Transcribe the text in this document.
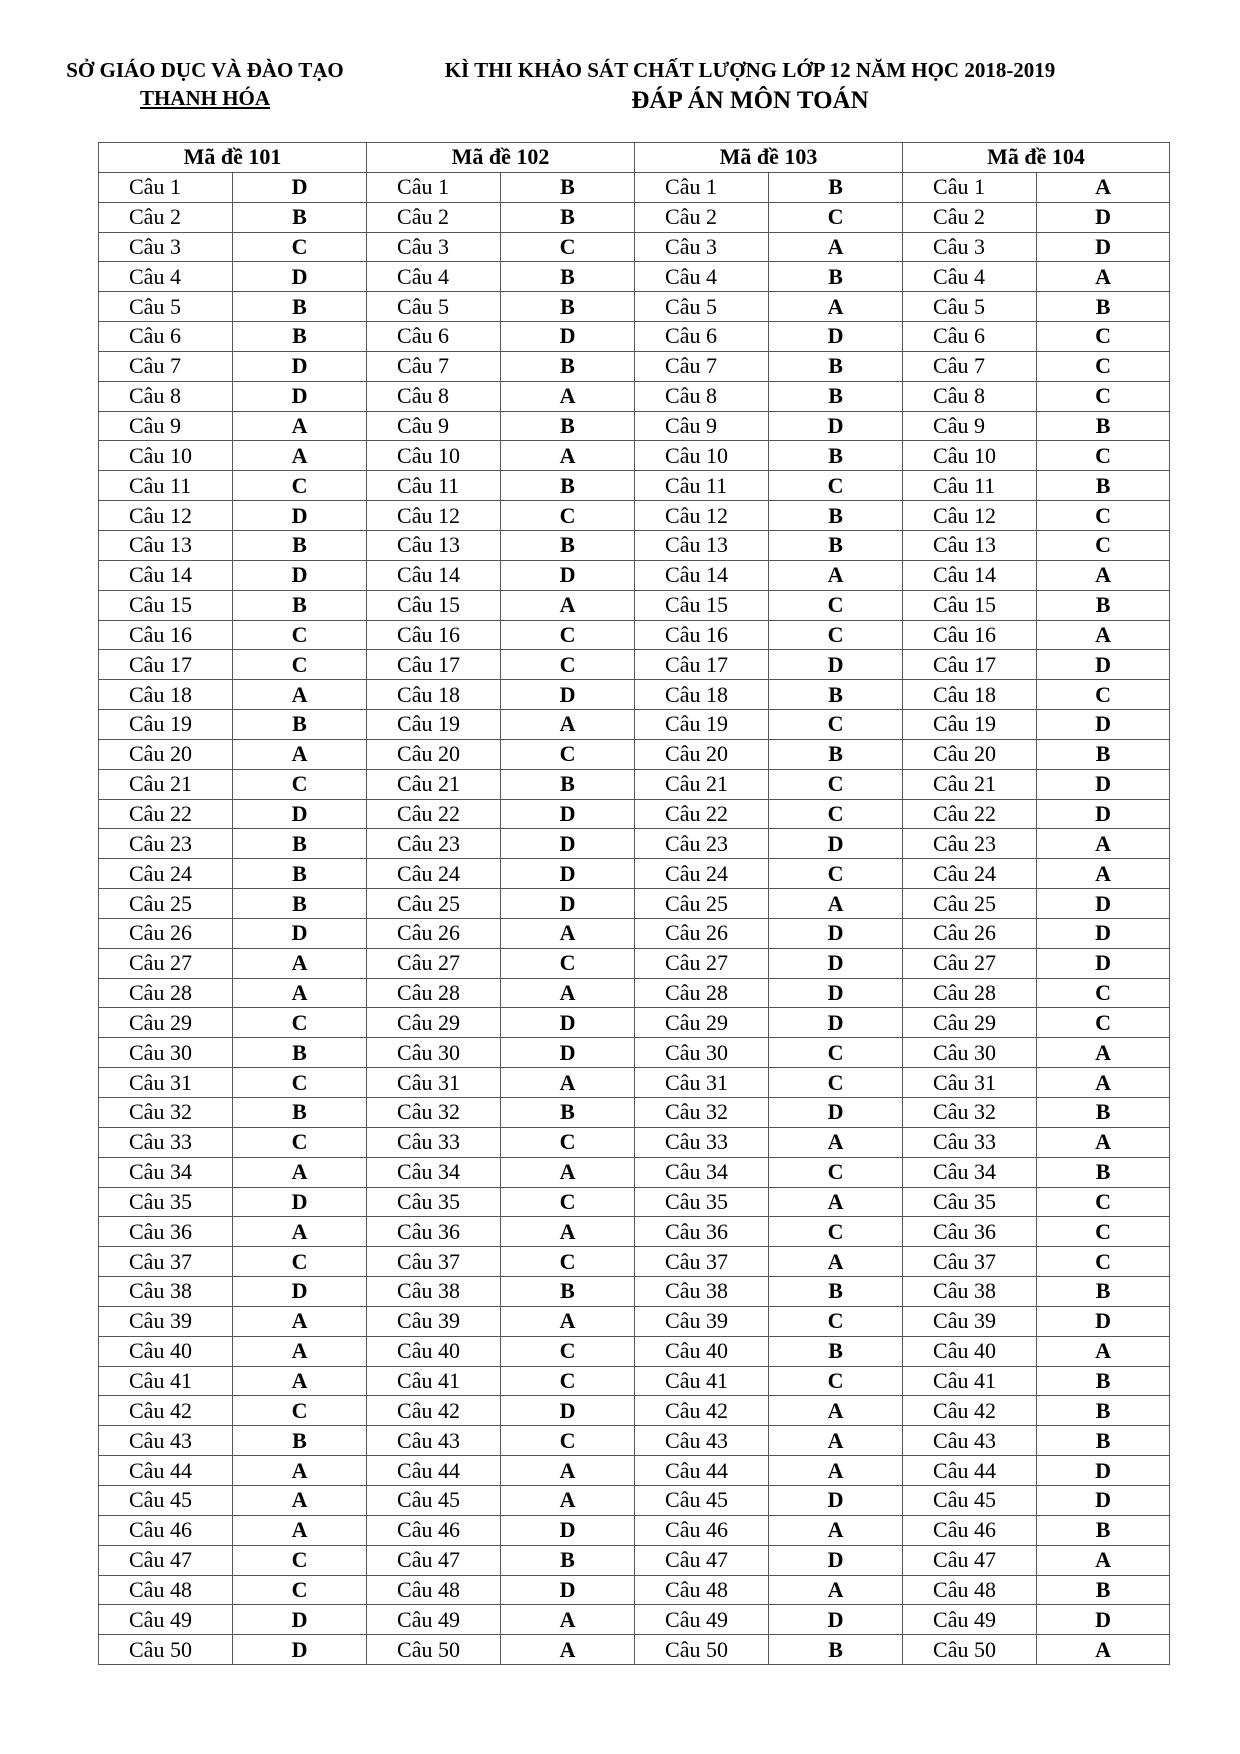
SỞ GIÁO DỤC VÀ ĐÀO TẠO
THANH HÓA
KÌ THI KHẢO SÁT CHẤT LƯỢNG LỚP 12 NĂM HỌC 2018-2019
ĐÁP ÁN MÔN TOÁN
Mã đề 101		Mã đề 102		Mã đề 103		Mã đề 104	
Câu 1	D	Câu 1	B	Câu 1	B	Câu 1	A
Câu 2	B	Câu 2	B	Câu 2	C	Câu 2	D
Câu 3	C	Câu 3	C	Câu 3	A	Câu 3	D
Câu 4	D	Câu 4	B	Câu 4	B	Câu 4	A
Câu 5	B	Câu 5	B	Câu 5	A	Câu 5	B
Câu 6	B	Câu 6	D	Câu 6	D	Câu 6	C
Câu 7	D	Câu 7	B	Câu 7	B	Câu 7	C
Câu 8	D	Câu 8	A	Câu 8	B	Câu 8	C
Câu 9	A	Câu 9	B	Câu 9	D	Câu 9	B
Câu 10	A	Câu 10	A	Câu 10	B	Câu 10	C
Câu 11	C	Câu 11	B	Câu 11	C	Câu 11	B
Câu 12	D	Câu 12	C	Câu 12	B	Câu 12	C
Câu 13	B	Câu 13	B	Câu 13	B	Câu 13	C
Câu 14	D	Câu 14	D	Câu 14	A	Câu 14	A
Câu 15	B	Câu 15	A	Câu 15	C	Câu 15	B
Câu 16	C	Câu 16	C	Câu 16	C	Câu 16	A
Câu 17	C	Câu 17	C	Câu 17	D	Câu 17	D
Câu 18	A	Câu 18	D	Câu 18	B	Câu 18	C
Câu 19	B	Câu 19	A	Câu 19	C	Câu 19	D
Câu 20	A	Câu 20	C	Câu 20	B	Câu 20	B
Câu 21	C	Câu 21	B	Câu 21	C	Câu 21	D
Câu 22	D	Câu 22	D	Câu 22	C	Câu 22	D
Câu 23	B	Câu 23	D	Câu 23	D	Câu 23	A
Câu 24	B	Câu 24	D	Câu 24	C	Câu 24	A
Câu 25	B	Câu 25	D	Câu 25	A	Câu 25	D
Câu 26	D	Câu 26	A	Câu 26	D	Câu 26	D
Câu 27	A	Câu 27	C	Câu 27	D	Câu 27	D
Câu 28	A	Câu 28	A	Câu 28	D	Câu 28	C
Câu 29	C	Câu 29	D	Câu 29	D	Câu 29	C
Câu 30	B	Câu 30	D	Câu 30	C	Câu 30	A
Câu 31	C	Câu 31	A	Câu 31	C	Câu 31	A
Câu 32	B	Câu 32	B	Câu 32	D	Câu 32	B
Câu 33	C	Câu 33	C	Câu 33	A	Câu 33	A
Câu 34	A	Câu 34	A	Câu 34	C	Câu 34	B
Câu 35	D	Câu 35	C	Câu 35	A	Câu 35	C
Câu 36	A	Câu 36	A	Câu 36	C	Câu 36	C
Câu 37	C	Câu 37	C	Câu 37	A	Câu 37	C
Câu 38	D	Câu 38	B	Câu 38	B	Câu 38	B
Câu 39	A	Câu 39	A	Câu 39	C	Câu 39	D
Câu 40	A	Câu 40	C	Câu 40	B	Câu 40	A
Câu 41	A	Câu 41	C	Câu 41	C	Câu 41	B
Câu 42	C	Câu 42	D	Câu 42	A	Câu 42	B
Câu 43	B	Câu 43	C	Câu 43	A	Câu 43	B
Câu 44	A	Câu 44	A	Câu 44	A	Câu 44	D
Câu 45	A	Câu 45	A	Câu 45	D	Câu 45	D
Câu 46	A	Câu 46	D	Câu 46	A	Câu 46	B
Câu 47	C	Câu 47	B	Câu 47	D	Câu 47	A
Câu 48	C	Câu 48	D	Câu 48	A	Câu 48	B
Câu 49	D	Câu 49	A	Câu 49	D	Câu 49	D
Câu 50	D	Câu 50	A	Câu 50	B	Câu 50	A
